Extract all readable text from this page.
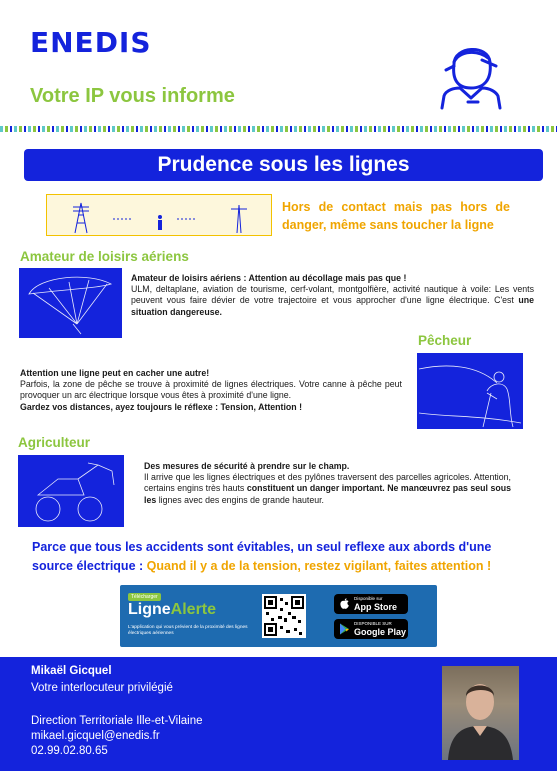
ENEDIS
Votre IP vous informe
Prudence sous les lignes
Hors de contact mais pas hors de danger, même sans toucher la ligne
Amateur de loisirs aériens
Amateur de loisirs aériens : Attention au décollage mais pas que !
ULM, deltaplane, aviation de tourisme, cerf-volant, montgolfière, activité nautique à voile: Les vents peuvent vous faire dévier de votre trajectoire et vous approcher d'une ligne électrique. C'est une situation dangereuse.
Pêcheur
Attention une ligne peut en cacher une autre!
Parfois, la zone de pêche se trouve à proximité de lignes électriques. Votre canne à pêche peut provoquer un arc électrique lorsque vous êtes à proximité d'une ligne.
Gardez vos distances, ayez toujours le réflexe : Tension, Attention !
Agriculteur
Des mesures de sécurité à prendre sur le champ.
Il arrive que les lignes électriques et des pylônes traversent des parcelles agricoles. Attention, certains engins très hauts constituent un danger important. Ne manœuvrez pas seul sous les lignes avec des engins de grande hauteur.
Parce que tous les accidents sont évitables, un seul reflexe aux abords d'une source électrique : Quand il y a de la tension, restez vigilant, faites attention !
Télécharger
LigneAlerte
L'application qui vous prévient de la proximité des lignes électriques aériennes
Disponible sur
App Store
DISPONIBLE SUR
Google Play
Mikaël Gicquel
Votre interlocuteur privilégié
Direction Territoriale Ille-et-Vilaine
mikael.gicquel@enedis.fr
02.99.02.80.65
